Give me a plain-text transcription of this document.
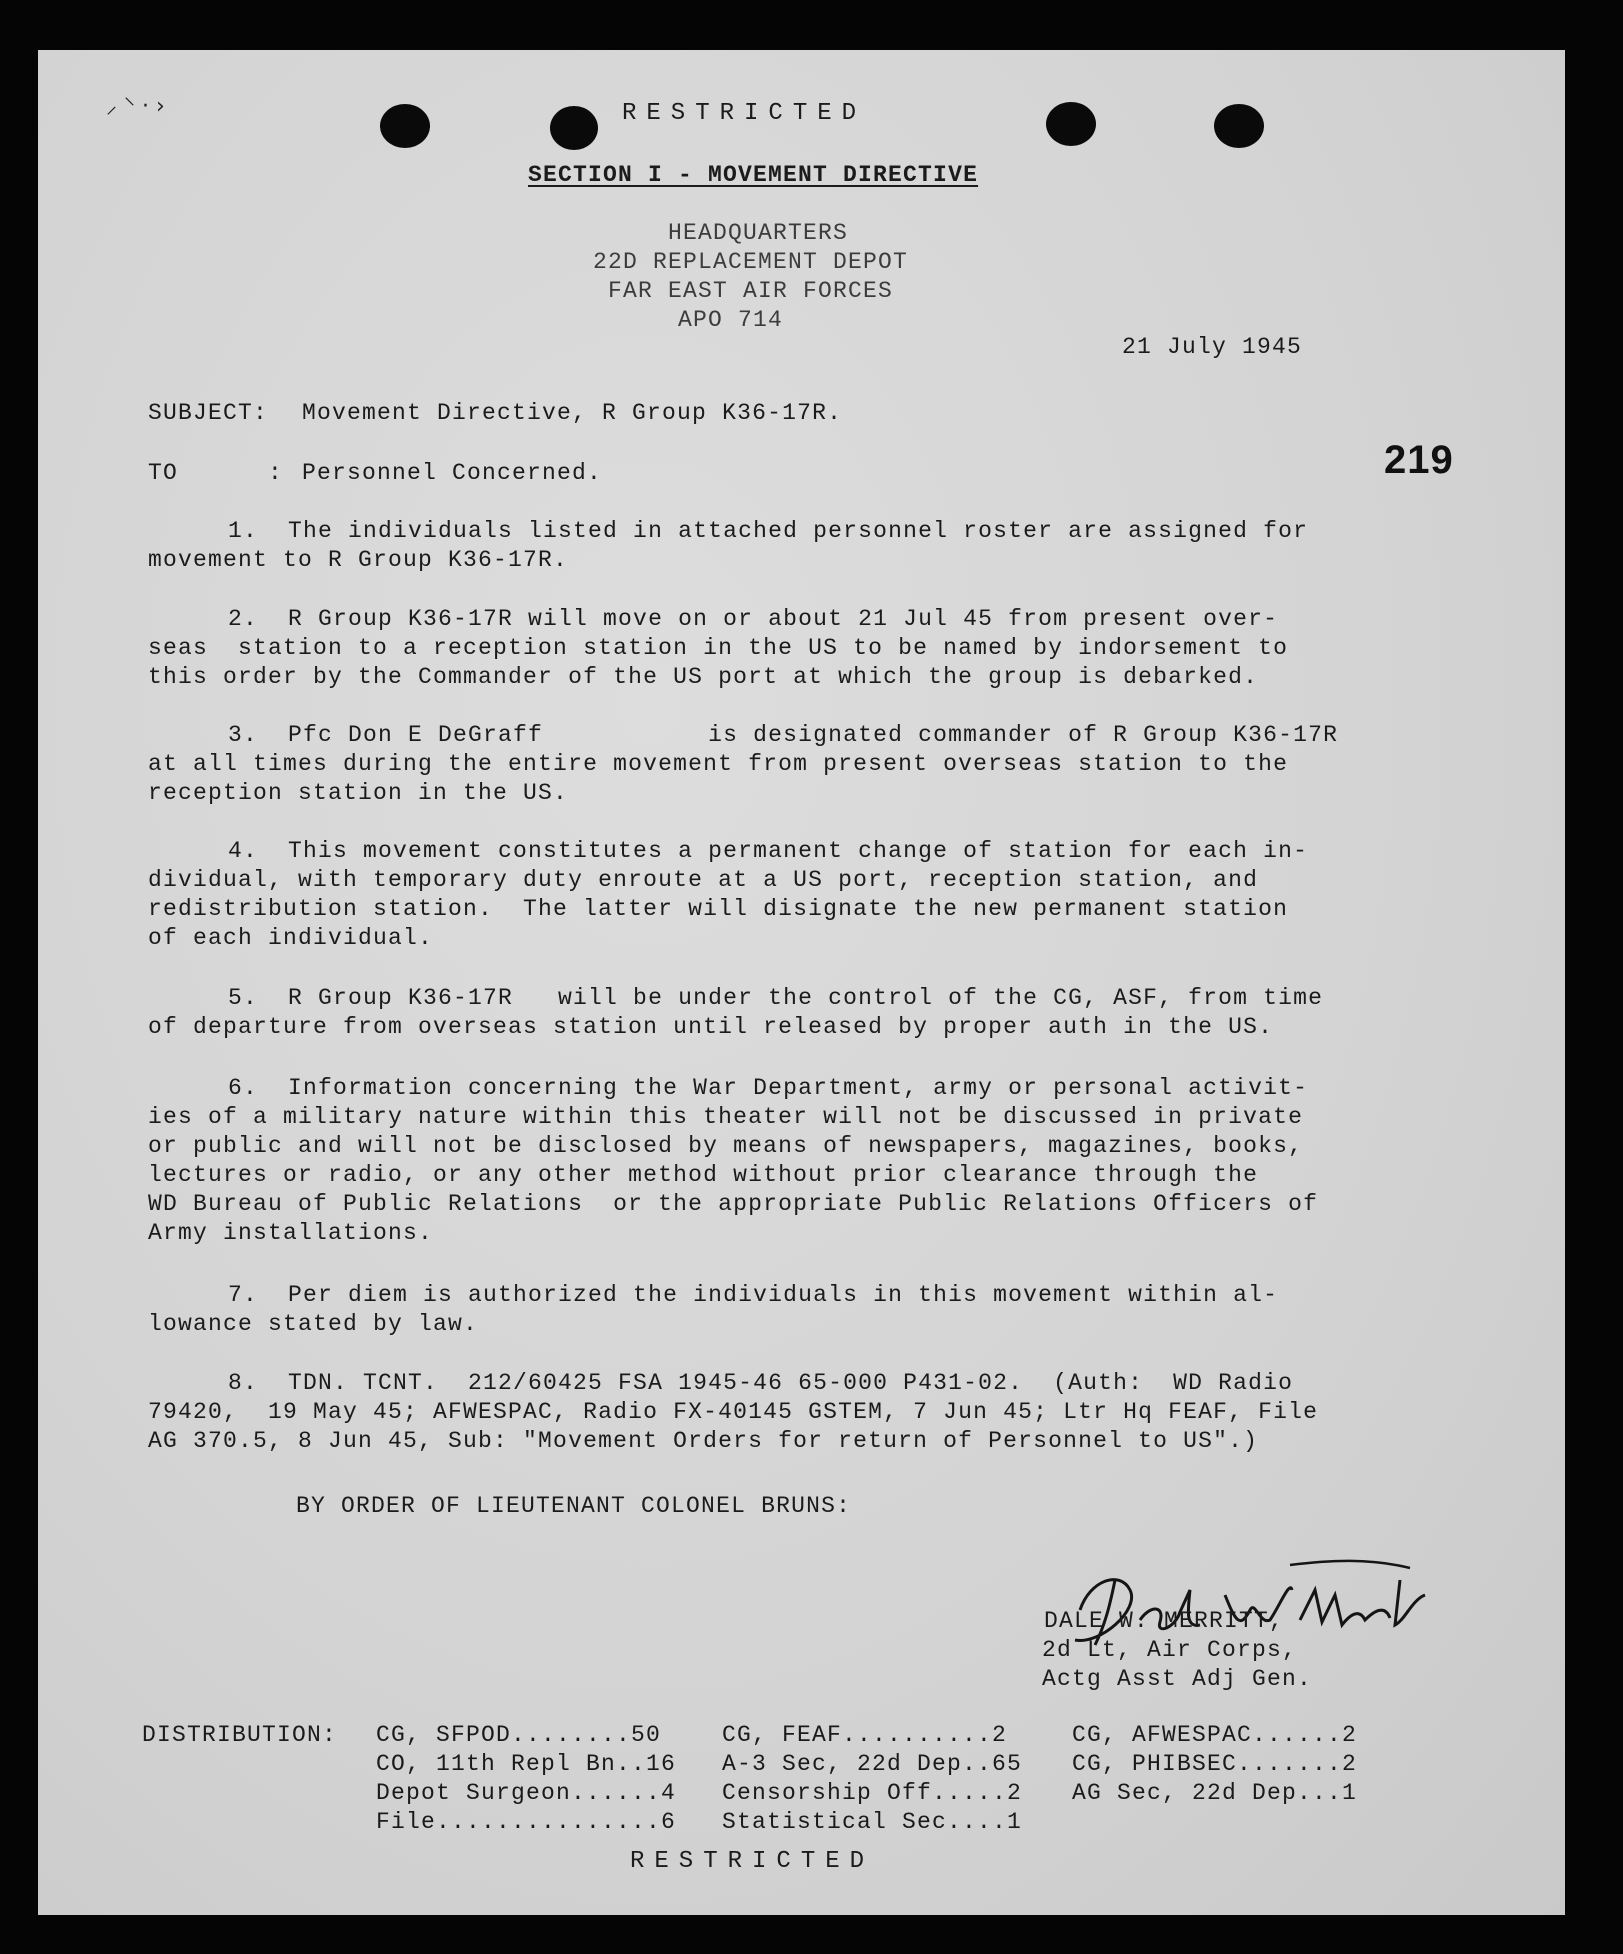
⸝ ⸌ · ›	RESTRICTED
SECTION I - MOVEMENT DIRECTIVE
HEADQUARTERS
22D REPLACEMENT DEPOT
FAR EAST AIR FORCES
APO 714
21 July 1945
219
SUBJECT: Movement Directive, R Group K36-17R.
TO      : Personnel Concerned.
1.  The individuals listed in attached personnel roster are assigned for
movement to R Group K36-17R.
2.  R Group K36-17R will move on or about 21 Jul 45 from present over-
seas  station to a reception station in the US to be named by indorsement to
this order by the Commander of the US port at which the group is debarked.
3.  Pfc Don E DeGraff           is designated commander of R Group K36-17R
at all times during the entire movement from present overseas station to the
reception station in the US.
4.  This movement constitutes a permanent change of station for each in-
dividual, with temporary duty enroute at a US port, reception station, and
redistribution station.  The latter will disignate the new permanent station
of each individual.
5.  R Group K36-17R   will be under the control of the CG, ASF, from time
of departure from overseas station until released by proper auth in the US.
6.  Information concerning the War Department, army or personal activit-
ies of a military nature within this theater will not be discussed in private
or public and will not be disclosed by means of newspapers, magazines, books,
lectures or radio, or any other method without prior clearance through the
WD Bureau of Public Relations  or the appropriate Public Relations Officers of
Army installations.
7.  Per diem is authorized the individuals in this movement within al-
lowance stated by law.
8.  TDN. TCNT.  212/60425 FSA 1945-46 65-000 P431-02.  (Auth:  WD Radio
79420,  19 May 45; AFWESPAC, Radio FX-40145 GSTEM, 7 Jun 45; Ltr Hq FEAF, File
AG 370.5, 8 Jun 45, Sub: "Movement Orders for return of Personnel to US".)
BY ORDER OF LIEUTENANT COLONEL BRUNS:
DALE W. MERRITT,
2d Lt, Air Corps,
Actg Asst Adj Gen.
DISTRIBUTION: CG, SFPOD........50	CG, FEAF..........2	CG, AFWESPAC......2
CO, 11th Repl Bn..16 A-3 Sec, 22d Dep..65 CG, PHIBSEC.......2
Depot Surgeon......4 Censorship Off.....2 AG Sec, 22d Dep...1
File...............6 Statistical Sec....1
RESTRICTED
